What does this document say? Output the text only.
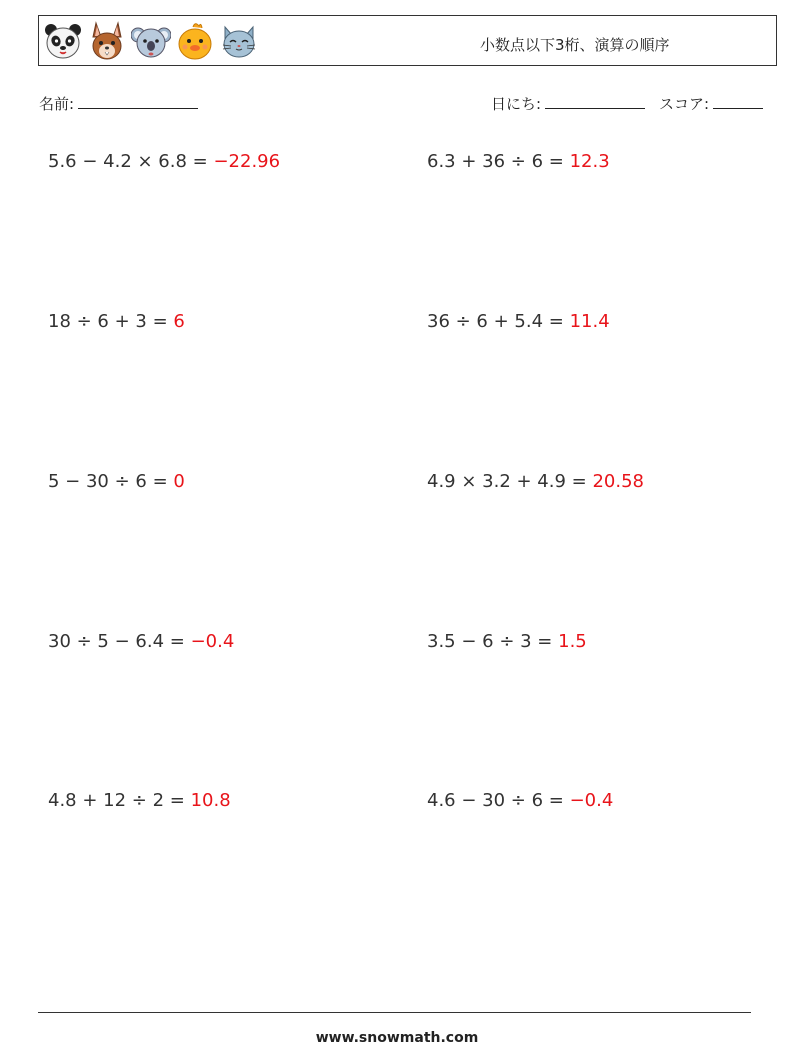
小数点以下3桁、演算の順序
名前:	日にち:	スコア:
5.6 − 4.2 × 6.8 = −22.96	6.3 + 36 ÷ 6 = 12.3
18 ÷ 6 + 3 = 6	36 ÷ 6 + 5.4 = 11.4
5 − 30 ÷ 6 = 0	4.9 × 3.2 + 4.9 = 20.58
30 ÷ 5 − 6.4 = −0.4	3.5 − 6 ÷ 3 = 1.5
4.8 + 12 ÷ 2 = 10.8	4.6 − 30 ÷ 6 = −0.4
www.snowmath.com
